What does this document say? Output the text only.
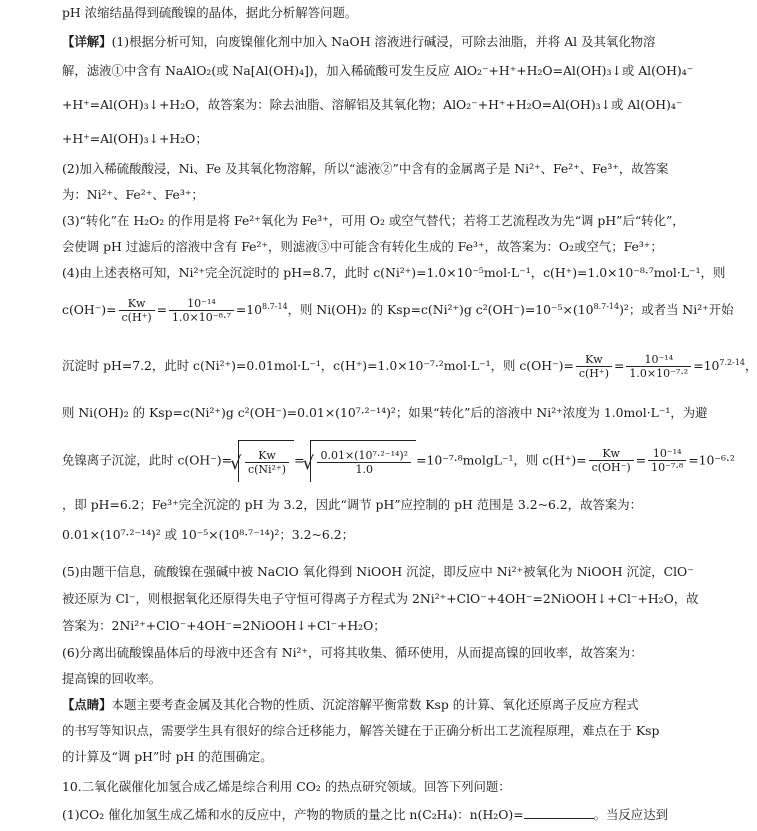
pH 浓缩结晶得到硫酸镍的晶体，据此分析解答问题。
【详解】(1)根据分析可知，向废镍催化剂中加入 NaOH 溶液进行碱浸，可除去油脂，并将 Al 及其氧化物溶
解，滤液①中含有 NaAlO₂(或 Na[Al(OH)₄])，加入稀硫酸可发生反应 AlO₂⁻+H⁺+H₂O=Al(OH)₃↓或 Al(OH)₄⁻
+H⁺=Al(OH)₃↓+H₂O，故答案为：除去油脂、溶解铝及其氧化物；AlO₂⁻+H⁺+H₂O=Al(OH)₃↓或 Al(OH)₄⁻
+H⁺=Al(OH)₃↓+H₂O；
(2)加入稀硫酸酸浸，Ni、Fe 及其氧化物溶解，所以“滤液②”中含有的金属离子是 Ni²⁺、Fe²⁺、Fe³⁺，故答案
为：Ni²⁺、Fe²⁺、Fe³⁺；
(3)“转化”在 H₂O₂ 的作用是将 Fe²⁺氧化为 Fe³⁺，可用 O₂ 或空气替代；若将工艺流程改为先“调 pH”后“转化”，
会使调 pH 过滤后的溶液中含有 Fe²⁺，则滤液③中可能含有转化生成的 Fe³⁺，故答案为：O₂或空气；Fe³⁺；
(4)由上述表格可知，Ni²⁺完全沉淀时的 pH=8.7，此时 c(Ni²⁺)=1.0×10⁻⁵mol·L⁻¹，c(H⁺)=1.0×10⁻⁸·⁷mol·L⁻¹，则
$c(OH^-)= \frac{Kw}{c(H^+)} = \frac{\text{10⁻¹⁴}}{\text{1.0×10⁻⁸·⁷}} =10^{8.7-14}$，则 Ni(OH)₂ 的 Ksp=c(Ni²⁺)g $c^2(OH^-)=10^{-5}\times(10^{8.7-14})^2$；或者当 Ni²⁺开始
沉淀时 pH=7.2，此时 c(Ni²⁺)=0.01mol·L⁻¹，c(H⁺)=1.0×10⁻⁷·²mol·L⁻¹，则 $c(OH^-)= \frac{Kw}{c(H^+)} = \frac{\text{10⁻¹⁴}}{\text{1.0×10⁻⁷·²}} =10^{7.2-14}$，
则 Ni(OH)₂ 的 Ksp=c(Ni²⁺)g c²(OH⁻)=0.01×(10⁷·²⁻¹⁴)²；如果“转化”后的溶液中 Ni²⁺浓度为 1.0mol·L⁻¹，为避
免镍离子沉淀，此时 c(OH⁻)= √ $\frac{Kw}{\text{c(Ni²⁺)}}$ = √ $\frac{\text{0.01×(10⁷·²⁻¹⁴)²}}{1.0} =10^{-7}\cdot^8molgL^{-1}$，则 $c(H^+)= \frac{Kw}{c(OH^-)} = \frac{\text{10⁻¹⁴}}{\text{10⁻⁷·⁸}} =10^{-6}\cdot^2$
，即 pH=6.2；Fe³⁺完全沉淀的 pH 为 3.2，因此“调节 pH”应控制的 pH 范围是 3.2~6.2，故答案为：
0.01×(10⁷·²⁻¹⁴)² 或 10⁻⁵×(10⁸·⁷⁻¹⁴)²；3.2~6.2；
(5)由题干信息，硫酸镍在强碱中被 NaClO 氧化得到 NiOOH 沉淀，即反应中 Ni²⁺被氧化为 NiOOH 沉淀，ClO⁻
被还原为 Cl⁻，则根据氧化还原得失电子守恒可得离子方程式为 2Ni²⁺+ClO⁻+4OH⁻=2NiOOH↓+Cl⁻+H₂O，故
答案为：2Ni²⁺+ClO⁻+4OH⁻=2NiOOH↓+Cl⁻+H₂O；
(6)分离出硫酸镍晶体后的母液中还含有 Ni²⁺，可将其收集、循环使用，从而提高镍的回收率，故答案为：
提高镍的回收率。
【点睛】本题主要考查金属及其化合物的性质、沉淀溶解平衡常数 Ksp 的计算、氧化还原离子反应方程式
的书写等知识点，需要学生具有很好的综合迁移能力，解答关键在于正确分析出工艺流程原理，难点在于 Ksp
的计算及“调 pH”时 pH 的范围确定。
10.二氧化碳催化加氢合成乙烯是综合利用 CO₂ 的热点研究领域。回答下列问题：
(1)CO₂ 催化加氢生成乙烯和水的反应中，产物的物质的量之比 n(C₂H₄)：n(H₂O)=	。当反应达到
